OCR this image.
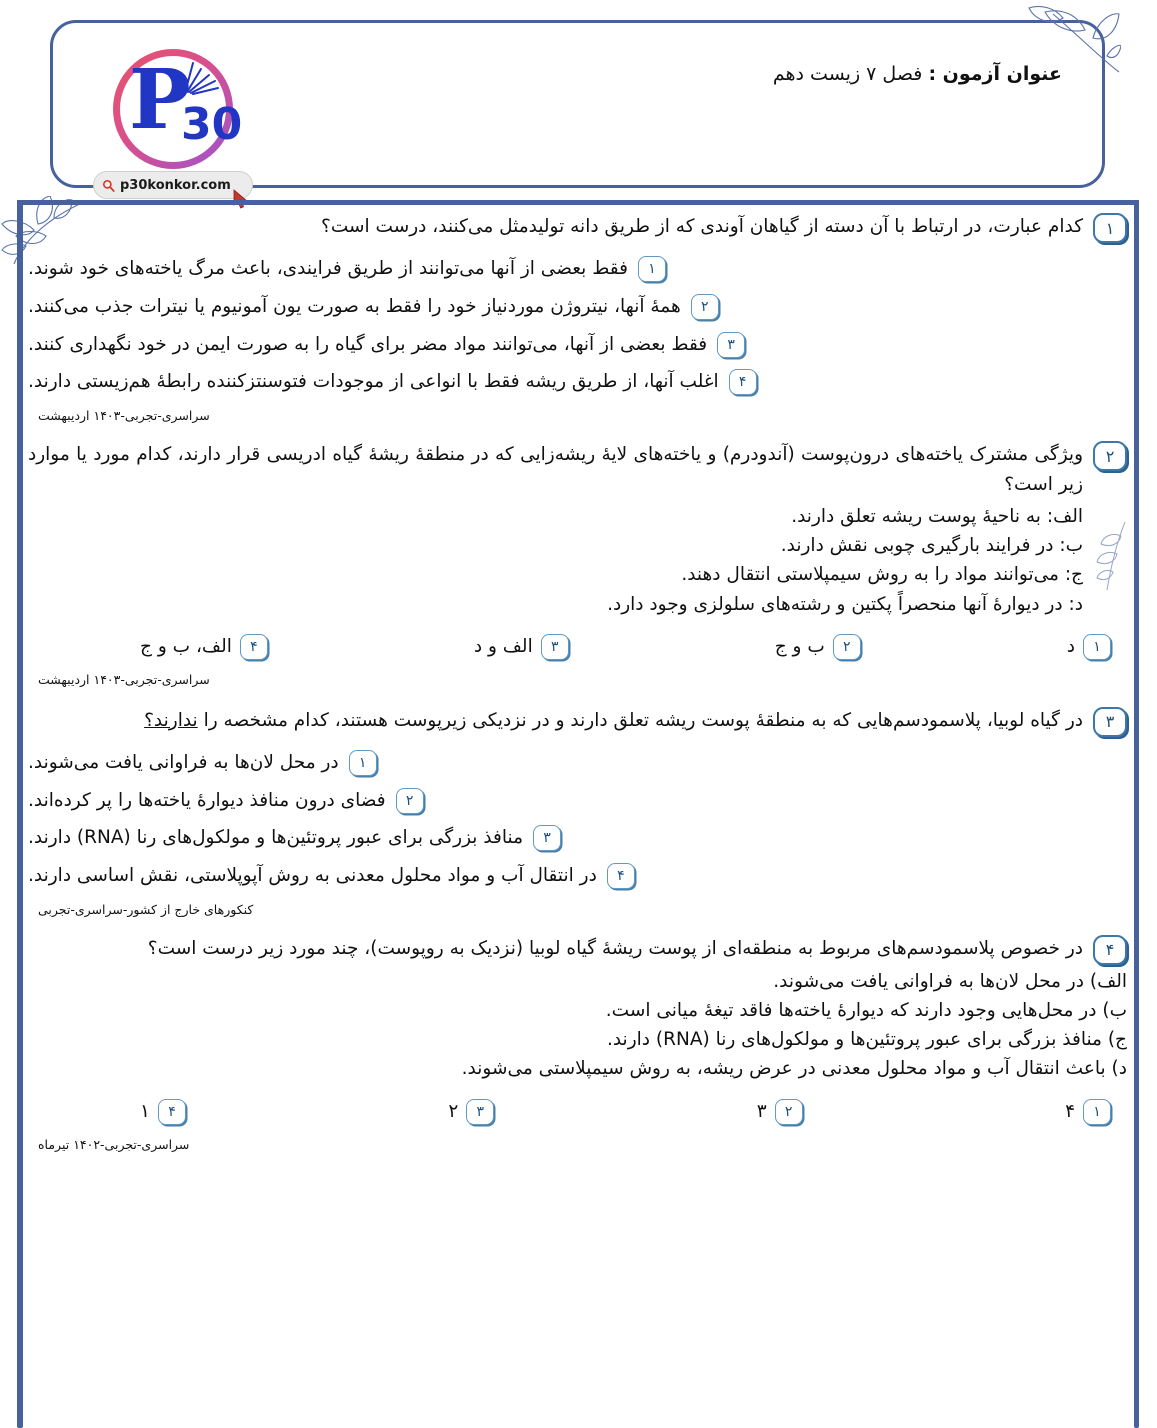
P
30
p30konkor.com
عنوان آزمون : فصل ۷ زیست دهم
۱
کدام عبارت، در ارتباط با آن دسته از گیاهان آوندی که از طریق دانه تولیدمثل می‌کنند، درست است؟
۱
فقط بعضی از آنها می‌توانند از طریق فرایندی، باعث مرگ یاخته‌های خود شوند.
۲
همهٔ آنها، نیتروژن موردنیاز خود را فقط به صورت یون آمونیوم یا نیترات جذب می‌کنند.
۳
فقط بعضی از آنها، می‌توانند مواد مضر برای گیاه را به صورت ایمن در خود نگهداری کنند.
۴
اغلب آنها، از طریق ریشه فقط با انواعی از موجودات فتوسنتزکننده رابطهٔ هم‌زیستی دارند.
سراسری-تجربی-۱۴۰۳ اردیبهشت
۲
ویژگی مشترک یاخته‌های درون‌پوست (آندودرم) و یاخته‌های لایهٔ ریشه‌زایی که در منطقهٔ ریشهٔ گیاه ادریسی قرار دارند، کدام مورد یا موارد زیر است؟
الف: به ناحیهٔ پوست ریشه تعلق دارند.
ب: در فرایند بارگیری چوبی نقش دارند.
ج: می‌توانند مواد را به روش سیمپلاستی انتقال دهند.
د: در دیوارهٔ آنها منحصراً پکتین و رشته‌های سلولزی وجود دارد.
۱
د
۲
ب و ج
۳
الف و د
۴
الف، ب و ج
سراسری-تجربی-۱۴۰۳ اردیبهشت
۳
در گیاه لوبیا، پلاسمودسم‌هایی که به منطقهٔ پوست ریشه تعلق دارند و در نزدیکی زیرپوست هستند، کدام مشخصه را ندارند؟
۱
در محل لان‌ها به فراوانی یافت می‌شوند.
۲
فضای درون منافذ دیوارهٔ یاخته‌ها را پر کرده‌اند.
۳
منافذ بزرگی برای عبور پروتئین‌ها و مولکول‌های رنا (RNA) دارند.
۴
در انتقال آب و مواد محلول معدنی به روش آپوپلاستی، نقش اساسی دارند.
کنکورهای خارج از کشور-سراسری-تجربی
۴
در خصوص پلاسمودسم‌های مربوط به منطقه‌ای از پوست ریشهٔ گیاه لوبیا (نزدیک به روپوست)، چند مورد زیر درست است؟
الف) در محل لان‌ها به فراوانی یافت می‌شوند.
ب) در محل‌هایی وجود دارند که دیوارهٔ یاخته‌ها فاقد تیغهٔ میانی است.
ج) منافذ بزرگی برای عبور پروتئین‌ها و مولکول‌های رنا (RNA) دارند.
د) باعث انتقال آب و مواد محلول معدنی در عرض ریشه، به روش سیمپلاستی می‌شوند.
۱
۴
۲
۳
۳
۲
۴
۱
سراسری-تجربی-۱۴۰۲ تیرماه
